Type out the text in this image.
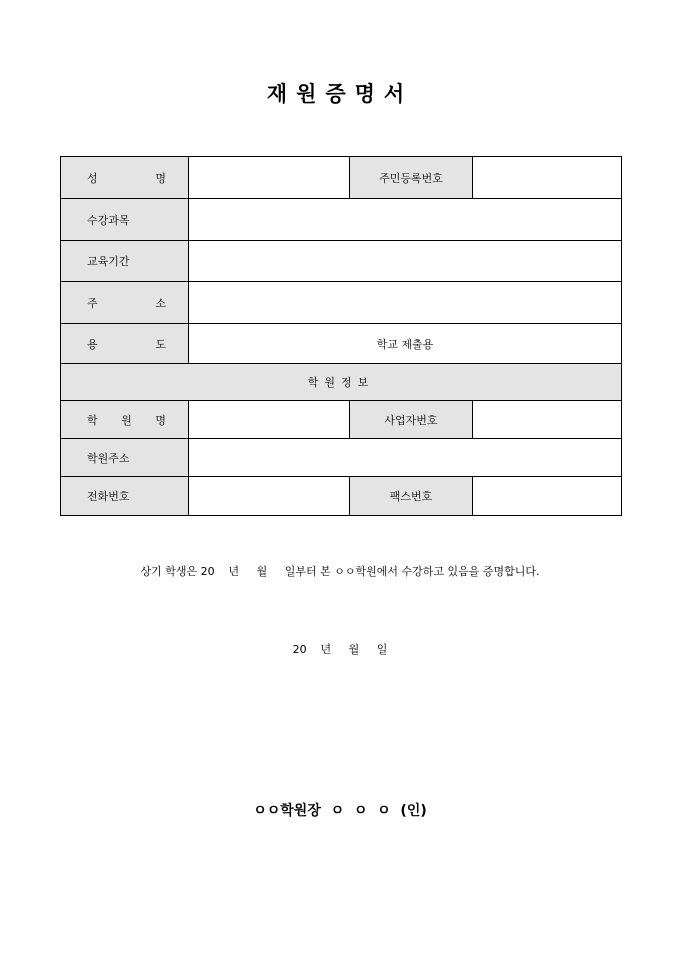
재원증명서
성 명		주민등록번호	
수강과목			
교육기간			
주 소			
용 도	학교 제출용		
학원정보			
학 원 명		사업자번호	
학원주소			
전화번호		팩스번호	
상기 학생은 20    년     월     일부터 본 ㅇㅇ학원에서 수강하고 있음을 증명합니다.
20    년     월     일
ㅇㅇ학원장  ㅇ  ㅇ  ㅇ  (인)
